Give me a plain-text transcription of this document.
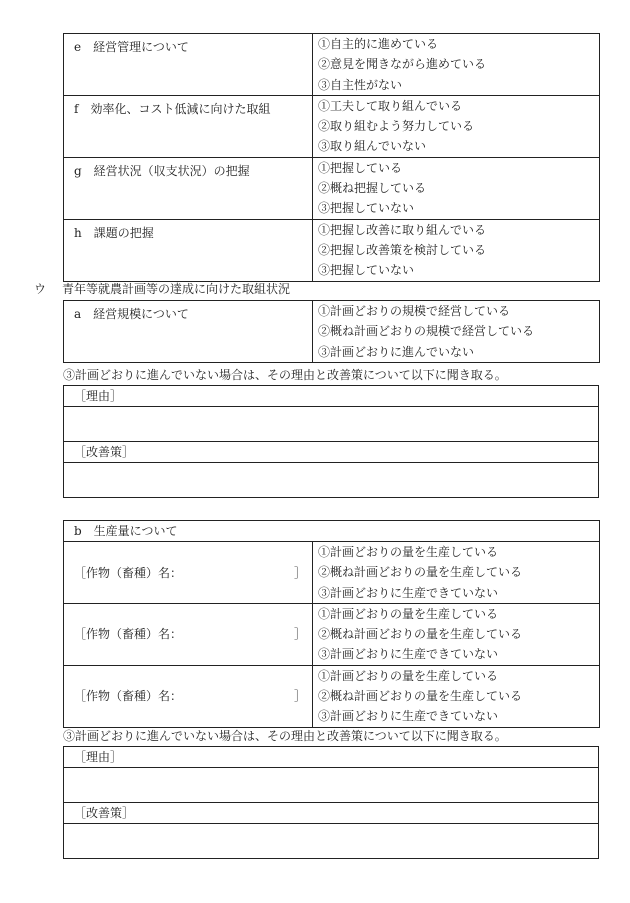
e　経営管理について	①自主的に進めている
②意見を聞きながら進めている
③自主性がない

f　効率化、コスト低減に向けた取組	①工夫して取り組んでいる
②取り組むよう努力している
③取り組んでいない

g　経営状況（収支状況）の把握	①把握している
②概ね把握している
③把握していない

h　課題の把握	①把握し改善に取り組んでいる
②把握し改善策を検討している
③把握していない
ウ 青年等就農計画等の達成に向けた取組状況
a　経営規模について	①計画どおりの規模で経営している
②概ね計画どおりの規模で経営している
③計画どおりに進んでいない
③計画どおりに進んでいない場合は、その理由と改善策について以下に聞き取る。
［理由］

［改善策］

b　生産量について	

［作物（畜種）名： ］	①計画どおりの量を生産している
②概ね計画どおりの量を生産している
③計画どおりに生産できていない

［作物（畜種）名： ］	①計画どおりの量を生産している
②概ね計画どおりの量を生産している
③計画どおりに生産できていない

［作物（畜種）名： ］	①計画どおりの量を生産している
②概ね計画どおりの量を生産している
③計画どおりに生産できていない
③計画どおりに進んでいない場合は、その理由と改善策について以下に聞き取る。
［理由］

［改善策］
